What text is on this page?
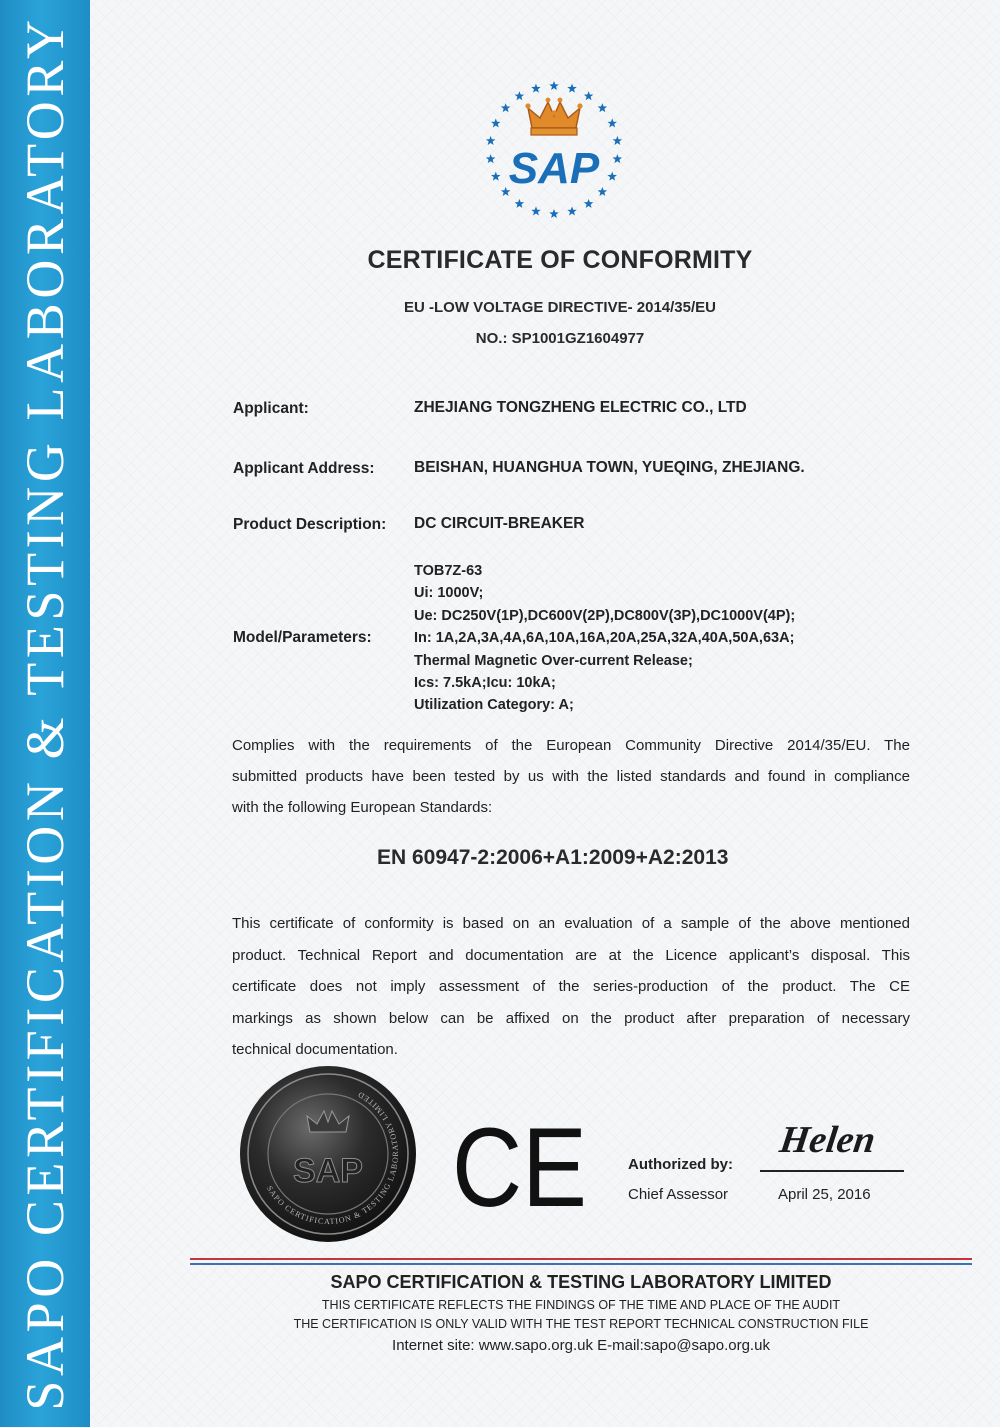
SAPO CERTIFICATION & TESTING LABORATORY	SAP
CERTIFICATE OF CONFORMITY
EU -LOW VOLTAGE DIRECTIVE- 2014/35/EU
NO.: SP1001GZ1604977
Applicant:	ZHEJIANG TONGZHENG ELECTRIC CO., LTD
Applicant Address:	BEISHAN, HUANGHUA TOWN, YUEQING, ZHEJIANG.
Product Description: DC CIRCUIT-BREAKER
Model/Parameters:
TOB7Z-63
Ui: 1000V;
Ue: DC250V(1P),DC600V(2P),DC800V(3P),DC1000V(4P);
In: 1A,2A,3A,4A,6A,10A,16A,20A,25A,32A,40A,50A,63A;
Thermal Magnetic Over-current Release;
Ics: 7.5kA;Icu: 10kA;
Utilization Category: A;
Complies with the requirements of the European Community Directive 2014/35/EU. The
submitted products have been tested by us with the listed standards and found in compliance
with the following European Standards:
EN 60947-2:2006+A1:2009+A2:2013
This certificate of conformity is based on an evaluation of a sample of the above mentioned
product. Technical Report and documentation are at the Licence applicant’s disposal. This
certificate does not imply assessment of the series-production of the product. The CE
markings as shown below can be affixed on the product after preparation of necessary
technical documentation.
SAPO CERTIFICATION & TESTING LABORATORY LIMITED
SAP CE	Authorized by:
Chief Assessor
Helen
April 25, 2016
SAPO CERTIFICATION & TESTING LABORATORY LIMITED
THIS CERTIFICATE REFLECTS THE FINDINGS OF THE TIME AND PLACE OF THE AUDIT
THE CERTIFICATION IS ONLY VALID WITH THE TEST REPORT TECHNICAL CONSTRUCTION FILE
Internet site: www.sapo.org.uk E-mail:sapo@sapo.org.uk
